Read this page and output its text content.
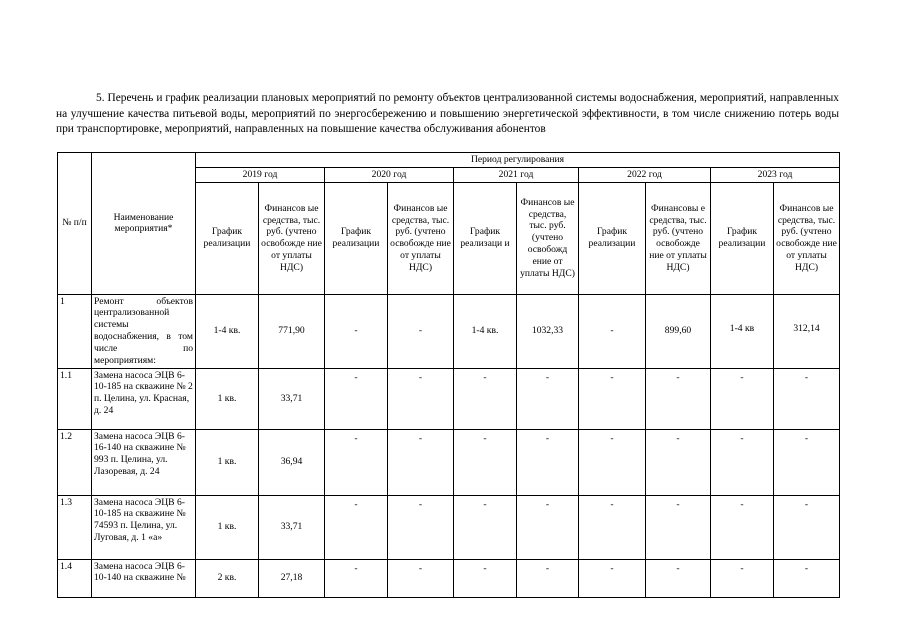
5. Перечень и график реализации плановых мероприятий по ремонту объектов централизованной системы водоснабжения, мероприятий, направленных на улучшение качества питьевой воды, мероприятий по энергосбережению и повышению энергетической эффективности, в том числе снижению потерь воды при транспортировке, мероприятий, направленных на повышение качества обслуживания абонентов

№ п/п	Наименование мероприятия*	Период регулирования									
		2019 год		2020 год		2021 год		2022 год		2023 год	
		График реализации	Финансов ые средства, тыс. руб. (учтено освобожде ние от уплаты НДС)	График реализации	Финансов ые средства, тыс. руб. (учтено освобожде ние от уплаты НДС)	График реализаци и	Финансов ые средства, тыс. руб. (учтено освобожд ение от уплаты НДС)	График реализации	Финансовы е средства, тыс. руб. (учтено освобожде ние от уплаты НДС)	График реализации	Финансов ые средства, тыс. руб. (учтено освобожде ние от уплаты НДС)
1	Ремонт объектов централизованной системы водоснабжения, в том числе по мероприятиям:	1-4 кв.	771,90	-	-	1-4 кв.	1032,33	-	899,60	1-4 кв	312,14
1.1	Замена насоса ЭЦВ 6-10-185 на скважине № 2 п. Целина, ул. Красная, д. 24	1 кв.	33,71	-	-	-	-	-	-	-	-
1.2	Замена насоса ЭЦВ 6-16-140 на скважине № 993 п. Целина, ул. Лазоревая, д. 24	1 кв.	36,94	-	-	-	-	-	-	-	-
1.3	Замена насоса ЭЦВ 6-10-185 на скважине № 74593 п. Целина, ул. Луговая, д. 1 «а»	1 кв.	33,71	-	-	-	-	-	-	-	-
1.4	Замена насоса ЭЦВ 6-10-140 на скважине №	2 кв.	27,18	-	-	-	-	-	-	-	-
